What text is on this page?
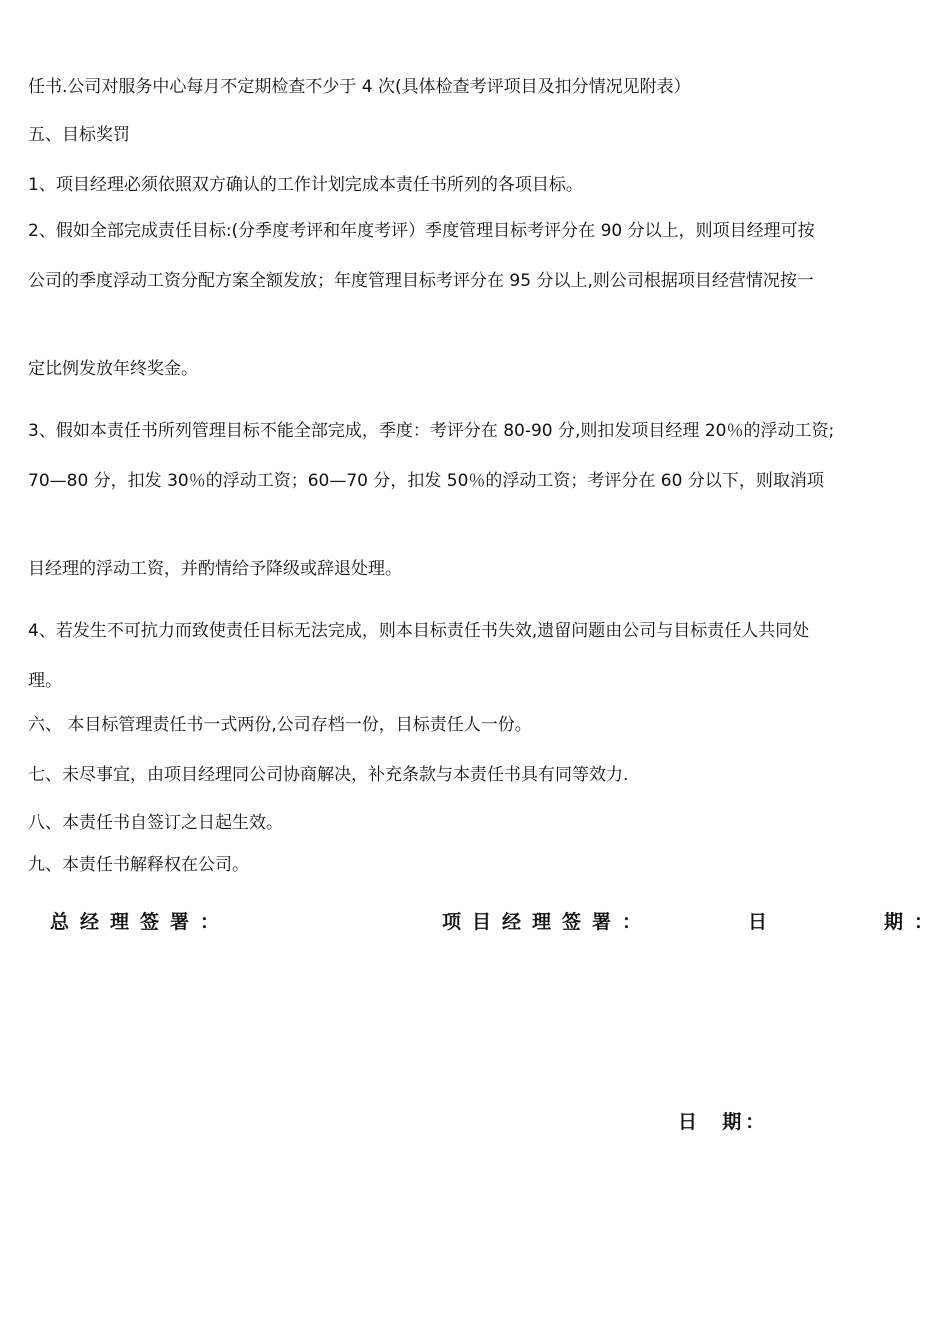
任书.公司对服务中心每月不定期检查不少于 4 次(具体检查考评项目及扣分情况见附表）

五、目标奖罚

1、项目经理必须依照双方确认的工作计划完成本责任书所列的各项目标。

2、假如全部完成责任目标:(分季度考评和年度考评）季度管理目标考评分在 90 分以上，则项目经理可按

公司的季度浮动工资分配方案全额发放；年度管理目标考评分在 95 分以上,则公司根据项目经营情况按一

定比例发放年终奖金。

3、假如本责任书所列管理目标不能全部完成，季度：考评分在 80-90 分,则扣发项目经理 20％的浮动工资;

70—80 分，扣发 30％的浮动工资；60—70 分，扣发 50％的浮动工资；考评分在 60 分以下，则取消项

目经理的浮动工资，并酌情给予降级或辞退处理。

4、若发生不可抗力而致使责任目标无法完成，则本目标责任书失效,遗留问题由公司与目标责任人共同处

理。

六、 本目标管理责任书一式两份,公司存档一份，目标责任人一份。

七、未尽事宜，由项目经理同公司协商解决，补充条款与本责任书具有同等效力.

八、本责任书自签订之日起生效。

九、本责任书解释权在公司。

总经理签署：	项目经理签署：	日	期：
日  期：
